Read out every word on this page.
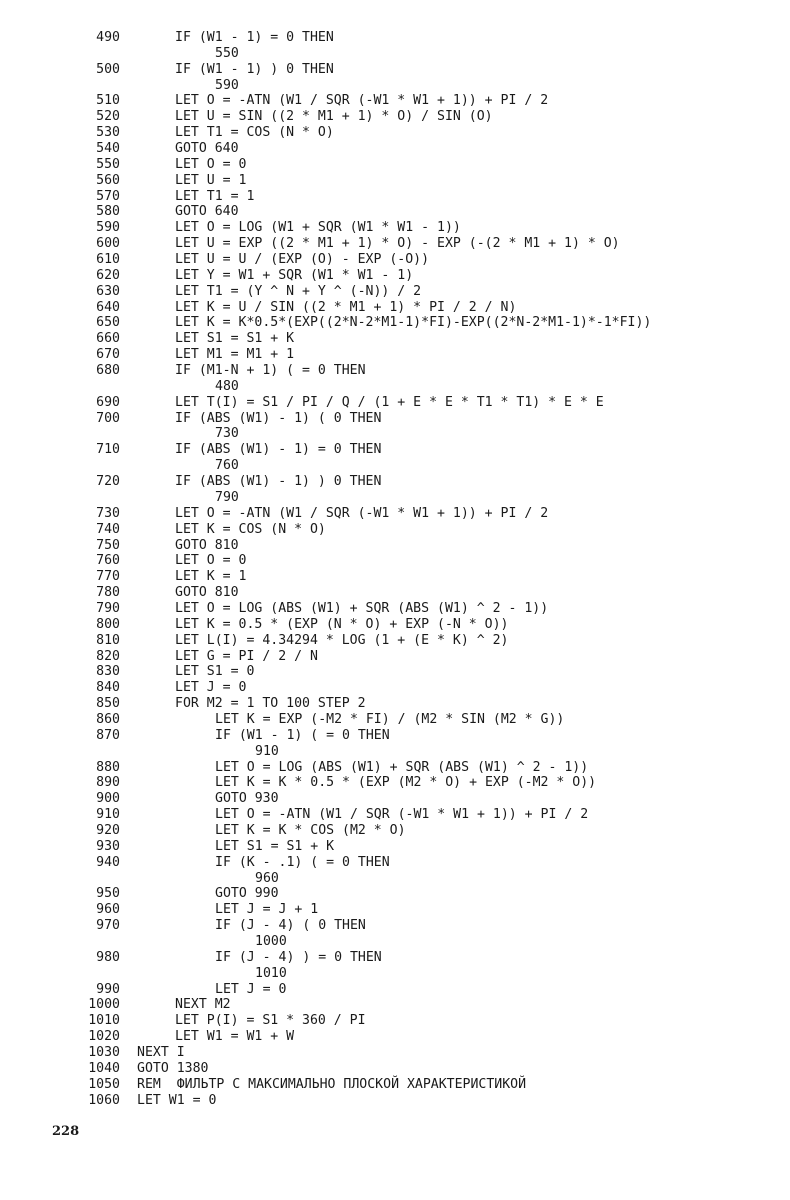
490	IF (W1 - 1) = 0 THEN
550
500	IF (W1 - 1) ) 0 THEN
590
510	LET O = -ATN (W1 / SQR (-W1 * W1 + 1)) + PI / 2
520	LET U = SIN ((2 * M1 + 1) * O) / SIN (O)
530	LET T1 = COS (N * O)
540	GOTO 640
550	LET O = 0
560	LET U = 1
570	LET T1 = 1
580	GOTO 640
590	LET O = LOG (W1 + SQR (W1 * W1 - 1))
600	LET U = EXP ((2 * M1 + 1) * O) - EXP (-(2 * M1 + 1) * O)
610	LET U = U / (EXP (O) - EXP (-O))
620	LET Y = W1 + SQR (W1 * W1 - 1)
630	LET T1 = (Y ^ N + Y ^ (-N)) / 2
640	LET K = U / SIN ((2 * M1 + 1) * PI / 2 / N)
650	LET K = K*0.5*(EXP((2*N-2*M1-1)*FI)-EXP((2*N-2*M1-1)*-1*FI))
660	LET S1 = S1 + K
670	LET M1 = M1 + 1
680	IF (M1-N + 1) ( = 0 THEN
480
690	LET T(I) = S1 / PI / Q / (1 + E * E * T1 * T1) * E * E
700	IF (ABS (W1) - 1) ( 0 THEN
730
710	IF (ABS (W1) - 1) = 0 THEN
760
720	IF (ABS (W1) - 1) ) 0 THEN
790
730	LET O = -ATN (W1 / SQR (-W1 * W1 + 1)) + PI / 2
740	LET K = COS (N * O)
750	GOTO 810
760	LET O = 0
770	LET K = 1
780	GOTO 810
790	LET O = LOG (ABS (W1) + SQR (ABS (W1) ^ 2 - 1))
800	LET K = 0.5 * (EXP (N * O) + EXP (-N * O))
810	LET L(I) = 4.34294 * LOG (1 + (E * K) ^ 2)
820	LET G = PI / 2 / N
830	LET S1 = 0
840	LET J = 0
850	FOR M2 = 1 TO 100 STEP 2
860	LET K = EXP (-M2 * FI) / (M2 * SIN (M2 * G))
870	IF (W1 - 1) ( = 0 THEN
910
880	LET O = LOG (ABS (W1) + SQR (ABS (W1) ^ 2 - 1))
890	LET K = K * 0.5 * (EXP (M2 * O) + EXP (-M2 * O))
900	GOTO 930
910	LET O = -ATN (W1 / SQR (-W1 * W1 + 1)) + PI / 2
920	LET K = K * COS (M2 * O)
930	LET S1 = S1 + K
940	IF (K - .1) ( = 0 THEN
960
950	GOTO 990
960	LET J = J + 1
970	IF (J - 4) ( 0 THEN
1000
980	IF (J - 4) ) = 0 THEN
1010
990	LET J = 0
1000	NEXT M2
1010	LET P(I) = S1 * 360 / PI
1020	LET W1 = W1 + W
1030 NEXT I
1040 GOTO 1380
1050 REM  ФИЛЬТР С МАКСИМАЛЬНО ПЛОСКОЙ ХАРАКТЕРИСТИКОЙ
1060 LET W1 = 0
228
